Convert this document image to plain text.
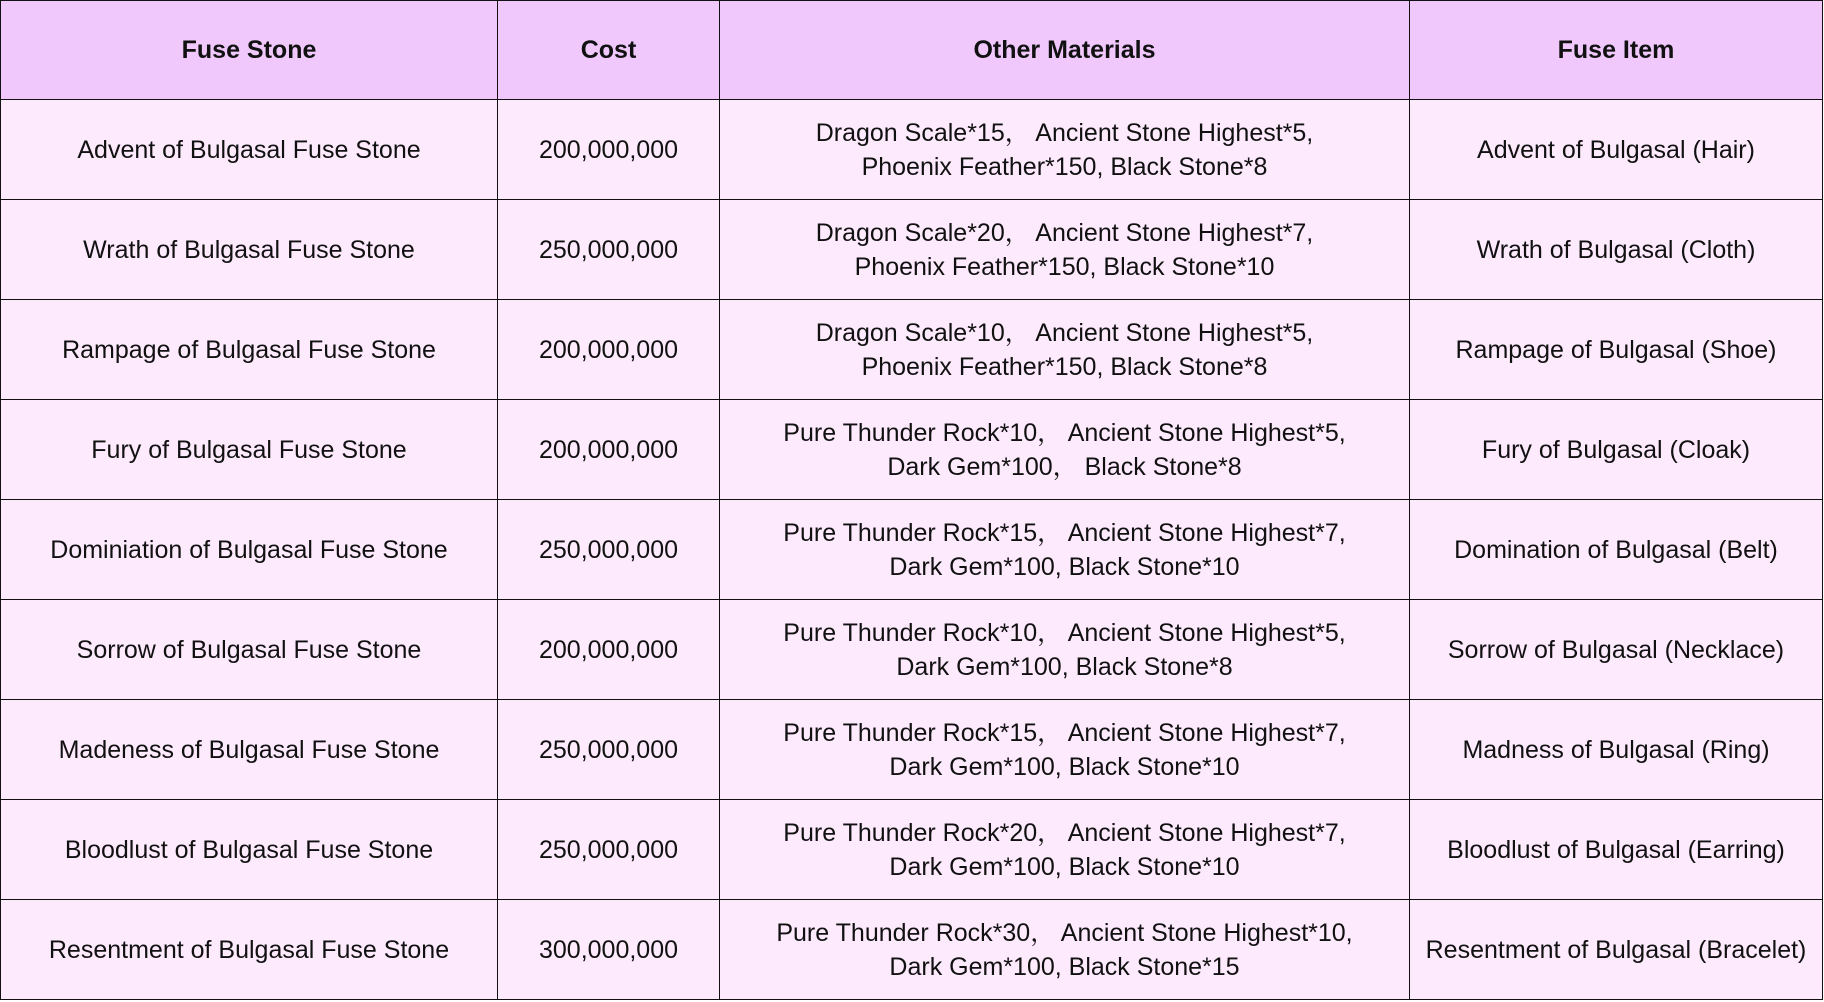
Fuse Stone	Cost	Other Materials	Fuse Item
Advent of Bulgasal Fuse Stone	200,000,000	Dragon Scale*15， Ancient Stone Highest*5,
Phoenix Feather*150, Black Stone*8	Advent of Bulgasal (Hair)
Wrath of Bulgasal Fuse Stone	250,000,000	Dragon Scale*20， Ancient Stone Highest*7,
Phoenix Feather*150, Black Stone*10	Wrath of Bulgasal (Cloth)
Rampage of Bulgasal Fuse Stone	200,000,000	Dragon Scale*10， Ancient Stone Highest*5,
Phoenix Feather*150, Black Stone*8	Rampage of Bulgasal (Shoe)
Fury of Bulgasal Fuse Stone	200,000,000	Pure Thunder Rock*10， Ancient Stone Highest*5,
Dark Gem*100， Black Stone*8	Fury of Bulgasal (Cloak)
Dominiation of Bulgasal Fuse Stone	250,000,000	Pure Thunder Rock*15， Ancient Stone Highest*7,
Dark Gem*100, Black Stone*10	Domination of Bulgasal (Belt)
Sorrow of Bulgasal Fuse Stone	200,000,000	Pure Thunder Rock*10， Ancient Stone Highest*5,
Dark Gem*100, Black Stone*8	Sorrow of Bulgasal (Necklace)
Madeness of Bulgasal Fuse Stone	250,000,000	Pure Thunder Rock*15， Ancient Stone Highest*7,
Dark Gem*100, Black Stone*10	Madness of Bulgasal (Ring)
Bloodlust of Bulgasal Fuse Stone	250,000,000	Pure Thunder Rock*20， Ancient Stone Highest*7,
Dark Gem*100, Black Stone*10	Bloodlust of Bulgasal (Earring)
Resentment of Bulgasal Fuse Stone	300,000,000	Pure Thunder Rock*30， Ancient Stone Highest*10,
Dark Gem*100, Black Stone*15	Resentment of Bulgasal (Bracelet)
